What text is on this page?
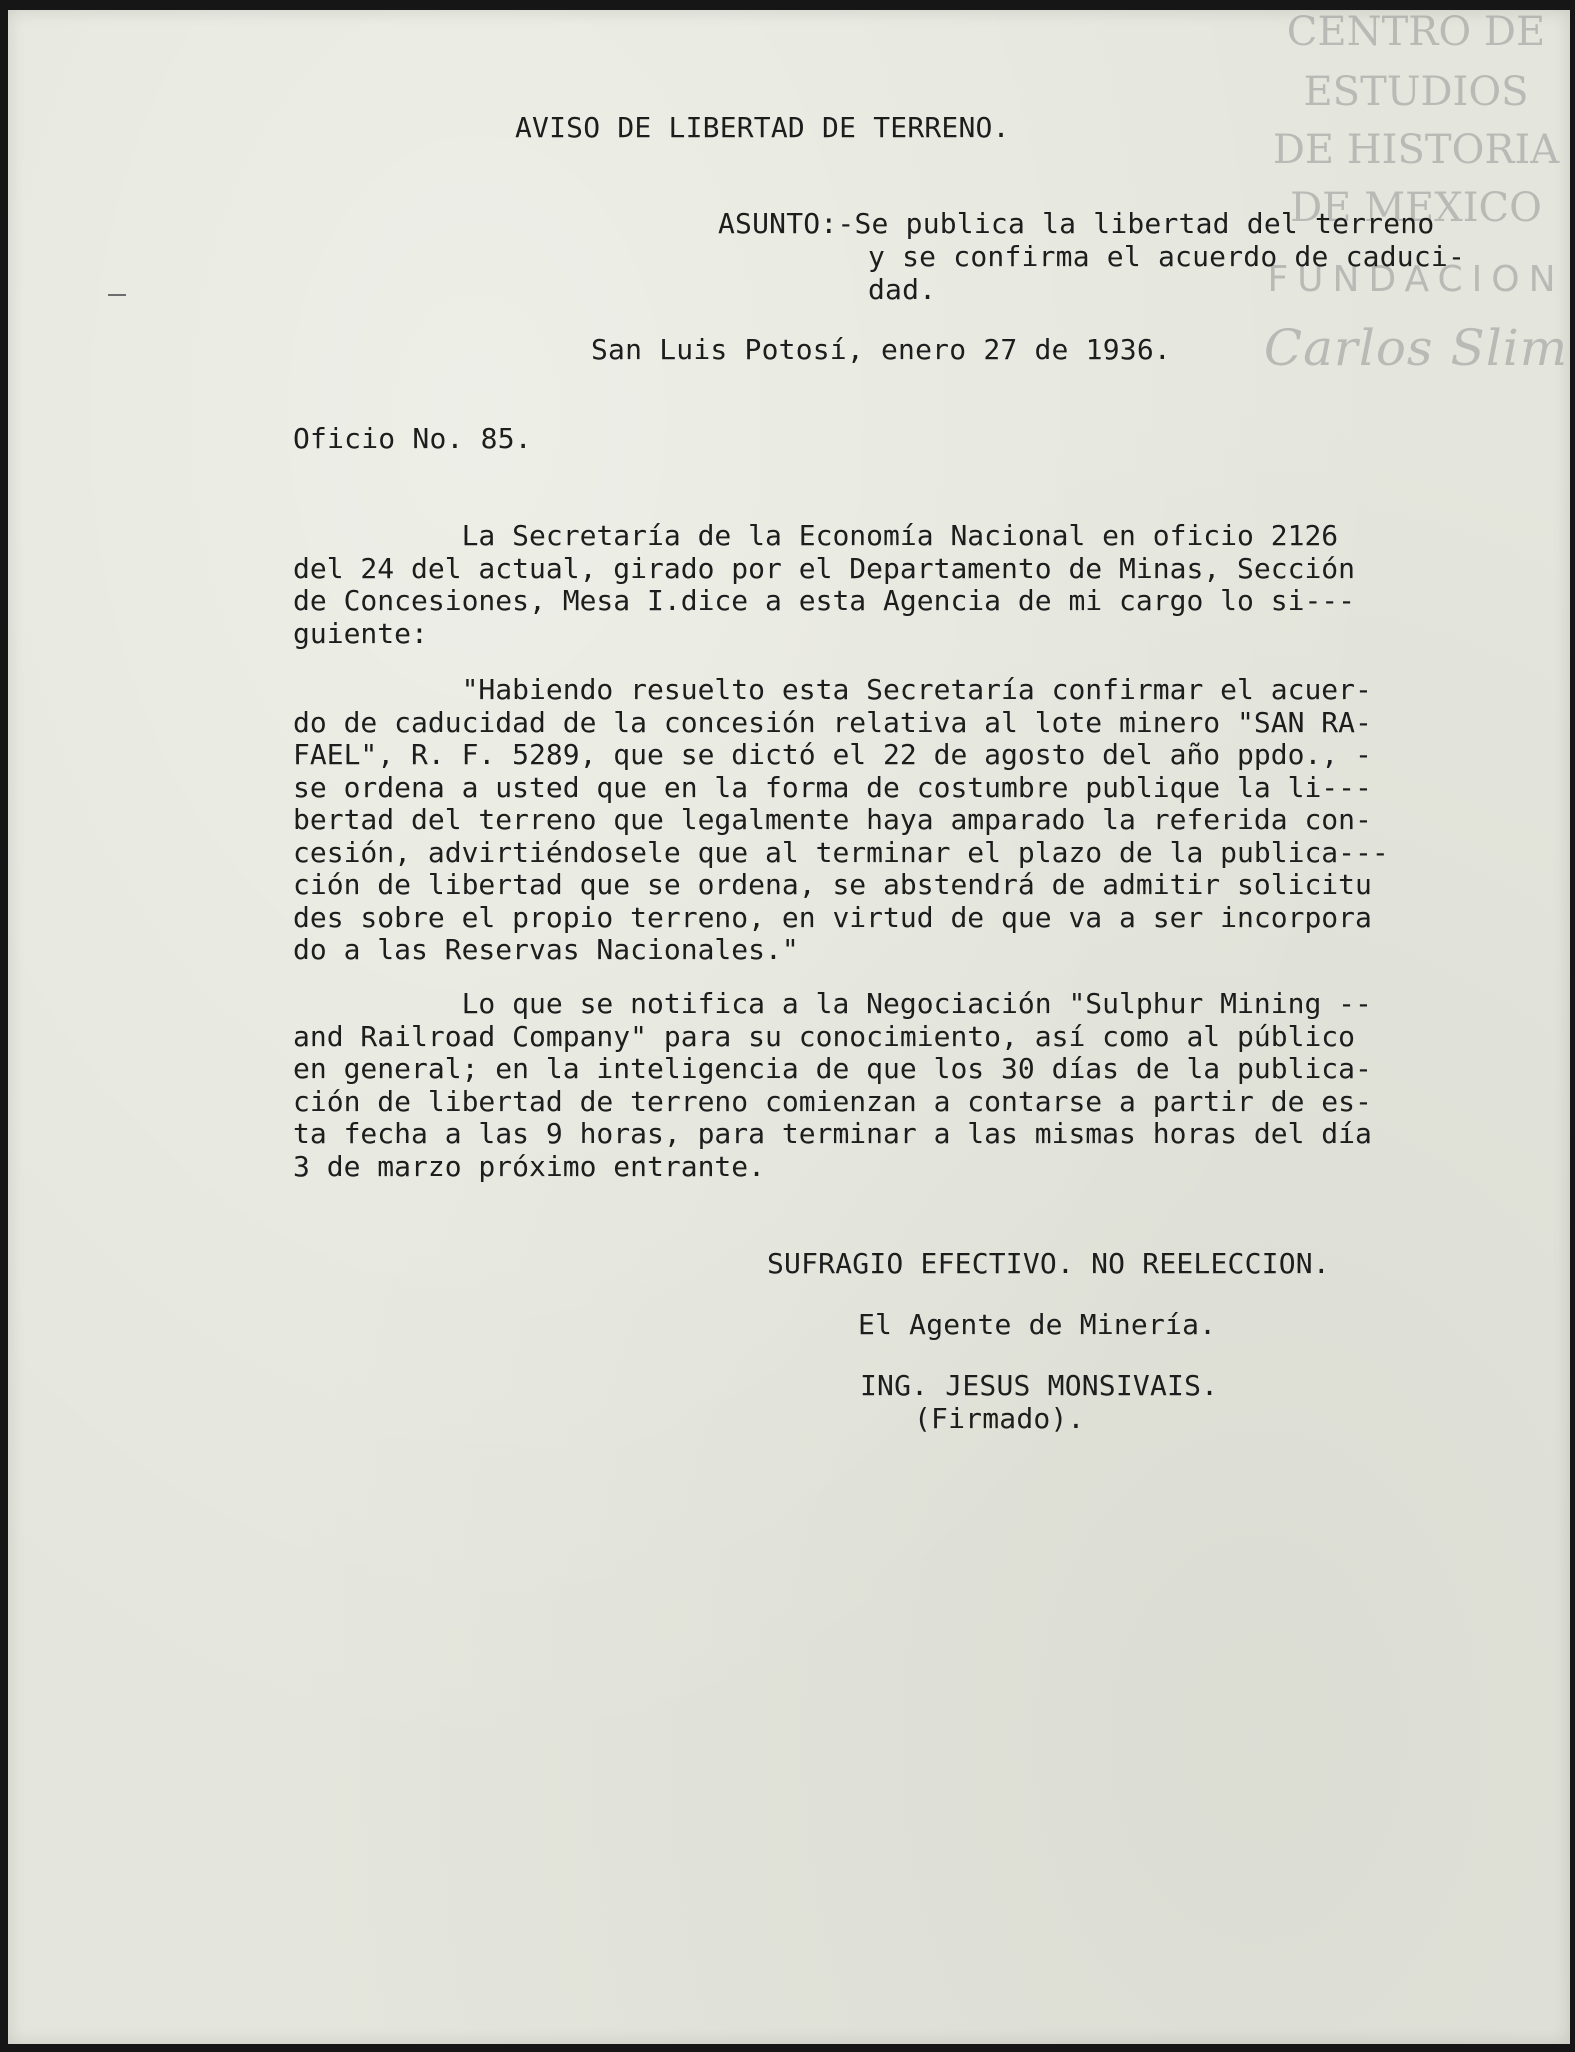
CENTRO DE
ESTUDIOS
DE HISTORIA
DE MEXICO
FUNDACION
Carlos Slim
AVISO DE LIBERTAD DE TERRENO.
ASUNTO:-Se publica la libertad del terreno
y se confirma el acuerdo de caduci-
dad.
San Luis Potosí, enero 27 de 1936.
Oficio No. 85.
La Secretaría de la Economía Nacional en oficio 2126
del 24 del actual, girado por el Departamento de Minas, Sección
de Concesiones, Mesa I.dice a esta Agencia de mi cargo lo si---
guiente:
"Habiendo resuelto esta Secretaría confirmar el acuer-
do de caducidad de la concesión relativa al lote minero "SAN RA-
FAEL", R. F. 5289, que se dictó el 22 de agosto del año ppdo., -
se ordena a usted que en la forma de costumbre publique la li---
bertad del terreno que legalmente haya amparado la referida con-
cesión, advirtiéndosele que al terminar el plazo de la publica---
ción de libertad que se ordena, se abstendrá de admitir solicitu
des sobre el propio terreno, en virtud de que va a ser incorpora
do a las Reservas Nacionales."
Lo que se notifica a la Negociación "Sulphur Mining --
and Railroad Company" para su conocimiento, así como al público
en general; en la inteligencia de que los 30 días de la publica-
ción de libertad de terreno comienzan a contarse a partir de es-
ta fecha a las 9 horas, para terminar a las mismas horas del día
3 de marzo próximo entrante.
SUFRAGIO EFECTIVO. NO REELECCION.
El Agente de Minería.
ING. JESUS MONSIVAIS.
(Firmado).
